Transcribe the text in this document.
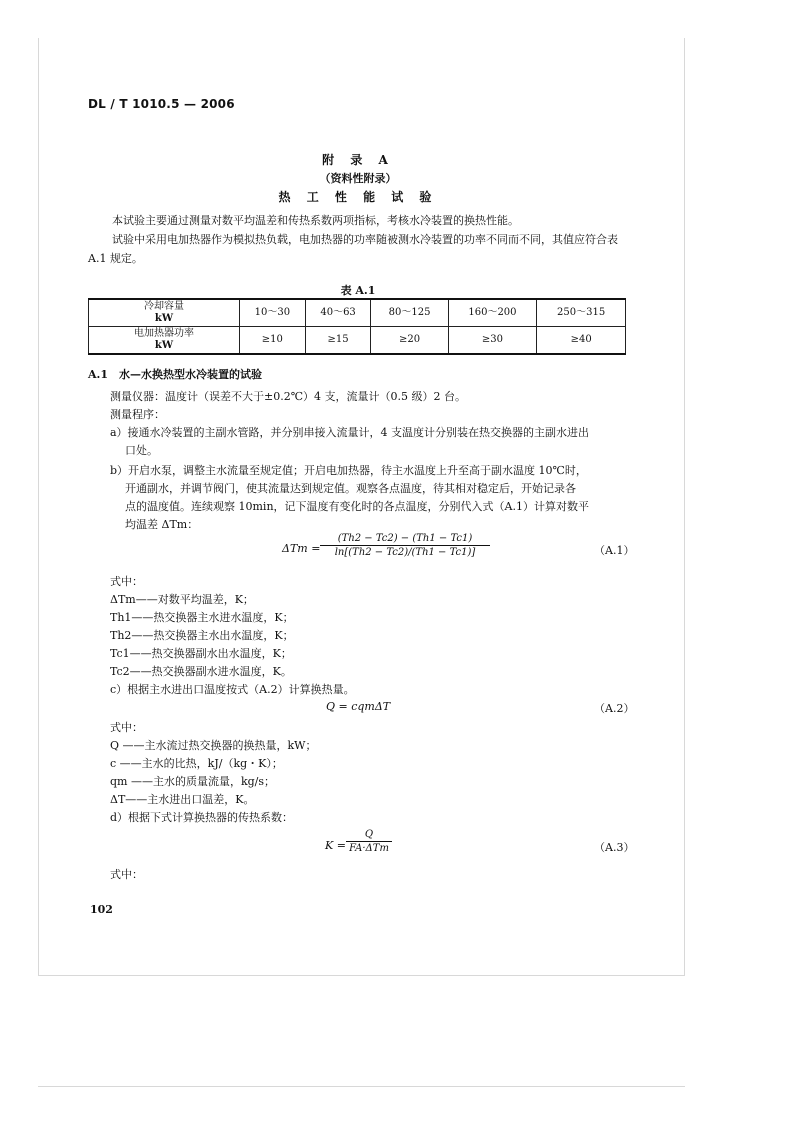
DL / T 1010.5 — 2006
附 录 A
（资料性附录）
热 工 性 能 试 验
本试验主要通过测量对数平均温差和传热系数两项指标，考核水冷装置的换热性能。
试验中采用电加热器作为模拟热负载，电加热器的功率随被测水冷装置的功率不同而不同，其值应符合表 A.1 规定。
表 A.1
冷却容量
kW	10～30	40～63	80～125	160～200	250～315
电加热器功率
kW	≥10	≥15	≥20	≥30	≥40
A.1　水—水换热型水冷装置的试验
测量仪器：温度计（误差不大于±0.2℃）4 支，流量计（0.5 级）2 台。
测量程序：
a）接通水冷装置的主副水管路，并分别串接入流量计，4 支温度计分别装在热交换器的主副水进出
口处。
b）开启水泵，调整主水流量至规定值；开启电加热器，待主水温度上升至高于副水温度 10℃时，
开通副水，并调节阀门，使其流量达到规定值。观察各点温度，待其相对稳定后，开始记录各
点的温度值。连续观察 10min，记下温度有变化时的各点温度，分别代入式（A.1）计算对数平
均温差 ΔTm：
$\Delta Tm = \frac{(Th2 - Tc2) - (Th1 - Tc1)}{\ln[(Th2 - Tc2)/(Th1 - Tc1)]}$	（A.1）
式中：
ΔTm——对数平均温差，K；
Th1——热交换器主水进水温度，K；
Th2——热交换器主水出水温度，K；
Tc1——热交换器副水出水温度，K；
Tc2——热交换器副水进水温度，K。
c）根据主水进出口温度按式（A.2）计算换热量。
Q = cqmΔT	（A.2）
式中：
Q ——主水流过热交换器的换热量，kW；
c ——主水的比热，kJ/（kg・K）；
qm ——主水的质量流量，kg/s；
ΔT——主水进出口温差，K。
d）根据下式计算换热器的传热系数：
K =
Q
FA·ΔTm	（A.3）
式中：
102
